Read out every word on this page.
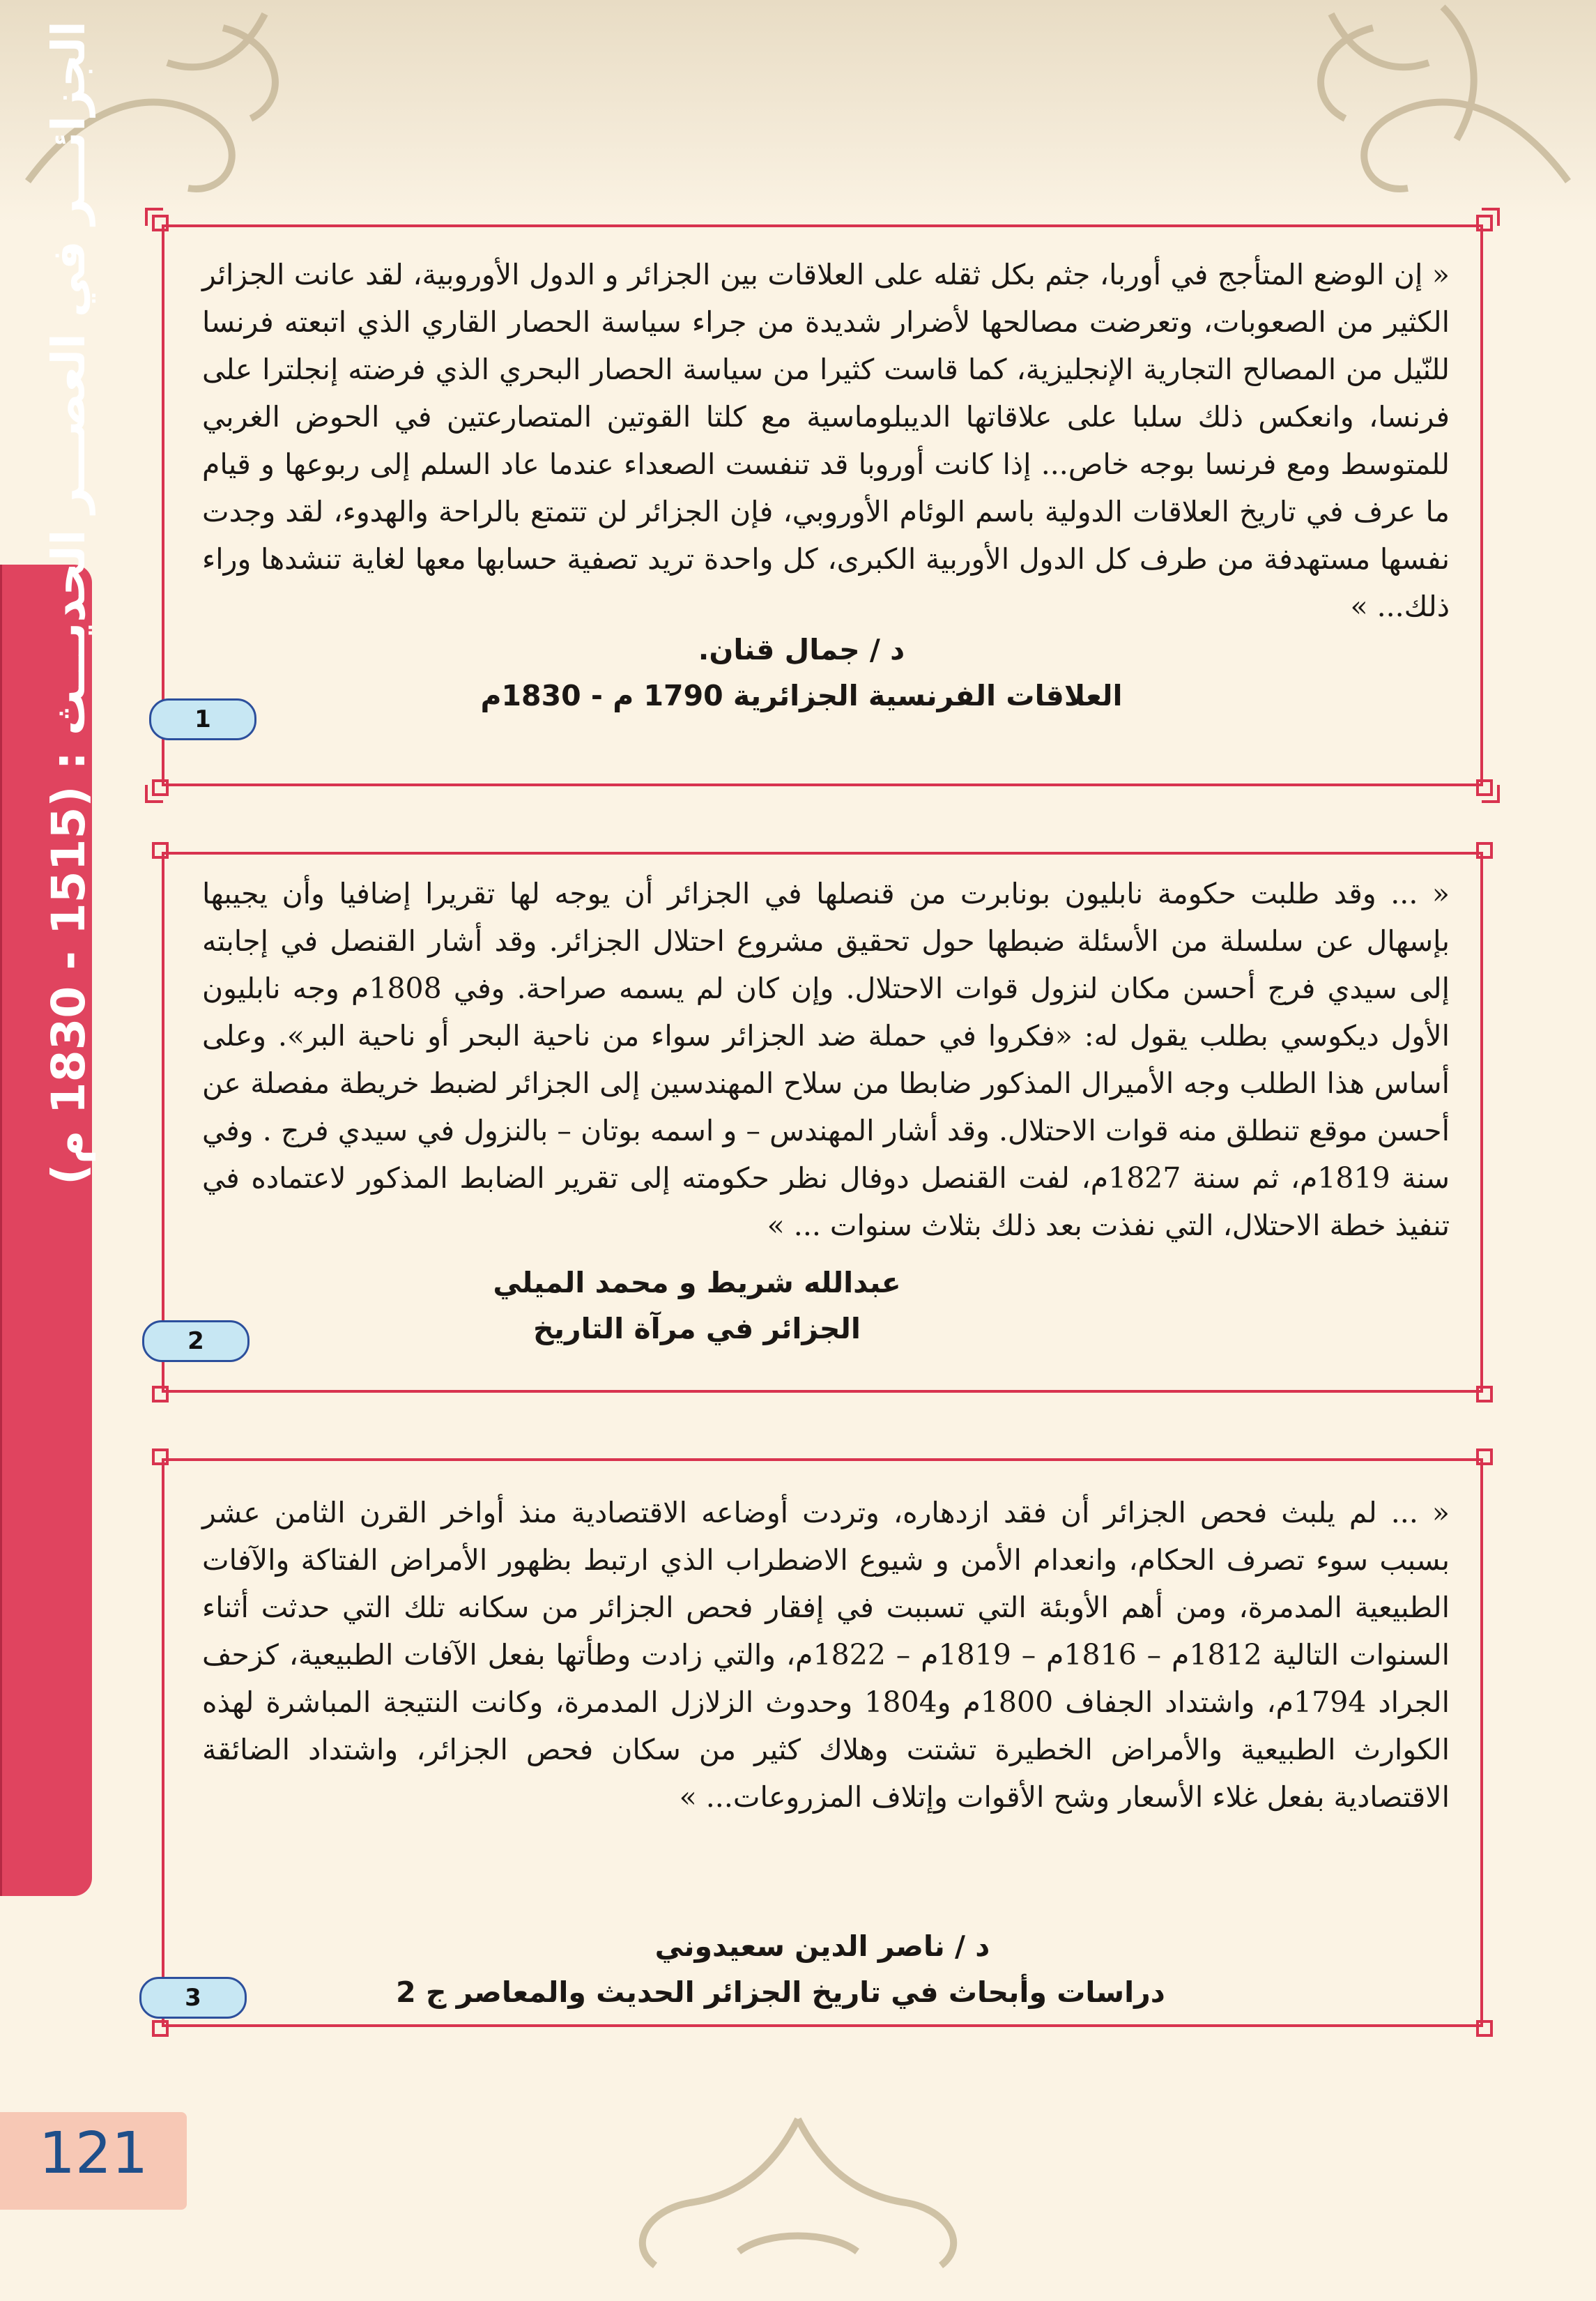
الجزائـــر في العصـــر الحديـــث : (1515 - 1830 م)
121
« إن الوضع المتأجج في أوربا، جثم بكل ثقله على العلاقات بين الجزائر و الدول الأوروبية، لقد عانت الجزائر الكثير من الصعوبات، وتعرضت مصالحها لأضرار شديدة من جراء سياسة الحصار القاري الذي اتبعته فرنسا للنّيل من المصالح التجارية الإنجليزية، كما قاست كثيرا من سياسة الحصار البحري الذي فرضته إنجلترا على فرنسا، وانعكس ذلك سلبا على علاقاتها الديبلوماسية مع كلتا القوتين المتصارعتين في الحوض الغربي للمتوسط ومع فرنسا بوجه خاص... إذا كانت أوروبا قد تنفست الصعداء عندما عاد السلم إلى ربوعها و قيام ما عرف في تاريخ العلاقات الدولية باسم الوئام الأوروبي، فإن الجزائر لن تتمتع بالراحة والهدوء، لقد وجدت نفسها مستهدفة من طرف كل الدول الأوربية الكبرى، كل واحدة تريد تصفية حسابها معها لغاية تنشدها وراء ذلك... »
د / جمال قنان.
العلاقات الفرنسية الجزائرية 1790 م - 1830م
1
« ... وقد طلبت حكومة نابليون بونابرت من قنصلها في الجزائر أن يوجه لها تقريرا إضافيا وأن يجيبها بإسهال عن سلسلة من الأسئلة ضبطها حول تحقيق مشروع احتلال الجزائر. وقد أشار القنصل في إجابته إلى سيدي فرج أحسن مكان لنزول قوات الاحتلال. وإن كان لم يسمه صراحة. وفي 1808م وجه نابليون الأول ديكوسي بطلب يقول له: «فكروا في حملة ضد الجزائر سواء من ناحية البحر أو ناحية البر». وعلى أساس هذا الطلب وجه الأميرال المذكور ضابطا من سلاح المهندسين إلى الجزائر لضبط خريطة مفصلة عن أحسن موقع تنطلق منه قوات الاحتلال. وقد أشار المهندس – و اسمه بوتان – بالنزول في سيدي فرج . وفي سنة 1819م، ثم سنة 1827م، لفت القنصل دوفال نظر حكومته إلى تقرير الضابط المذكور لاعتماده في تنفيذ خطة الاحتلال، التي نفذت بعد ذلك بثلاث سنوات ... »
عبدالله شريط و محمد الميلي
الجزائر في مرآة التاريخ
2
« ... لم يلبث فحص الجزائر أن فقد ازدهاره، وتردت أوضاعه الاقتصادية منذ أواخر القرن الثامن عشر بسبب سوء تصرف الحكام، وانعدام الأمن و شيوع الاضطراب الذي ارتبط بظهور الأمراض الفتاكة والآفات الطبيعية المدمرة، ومن أهم الأوبئة التي تسببت في إفقار فحص الجزائر من سكانه تلك التي حدثت أثناء السنوات التالية 1812م – 1816م – 1819م – 1822م، والتي زادت وطأتها بفعل الآفات الطبيعية، كزحف الجراد 1794م، واشتداد الجفاف 1800م و1804 وحدوث الزلازل المدمرة، وكانت النتيجة المباشرة لهذه الكوارث الطبيعية والأمراض الخطيرة تشتت وهلاك كثير من سكان فحص الجزائر، واشتداد الضائقة الاقتصادية بفعل غلاء الأسعار وشح الأقوات وإتلاف المزروعات... »
د / ناصر الدين سعيدوني
دراسات وأبحاث في تاريخ الجزائر الحديث والمعاصر ج 2
3
